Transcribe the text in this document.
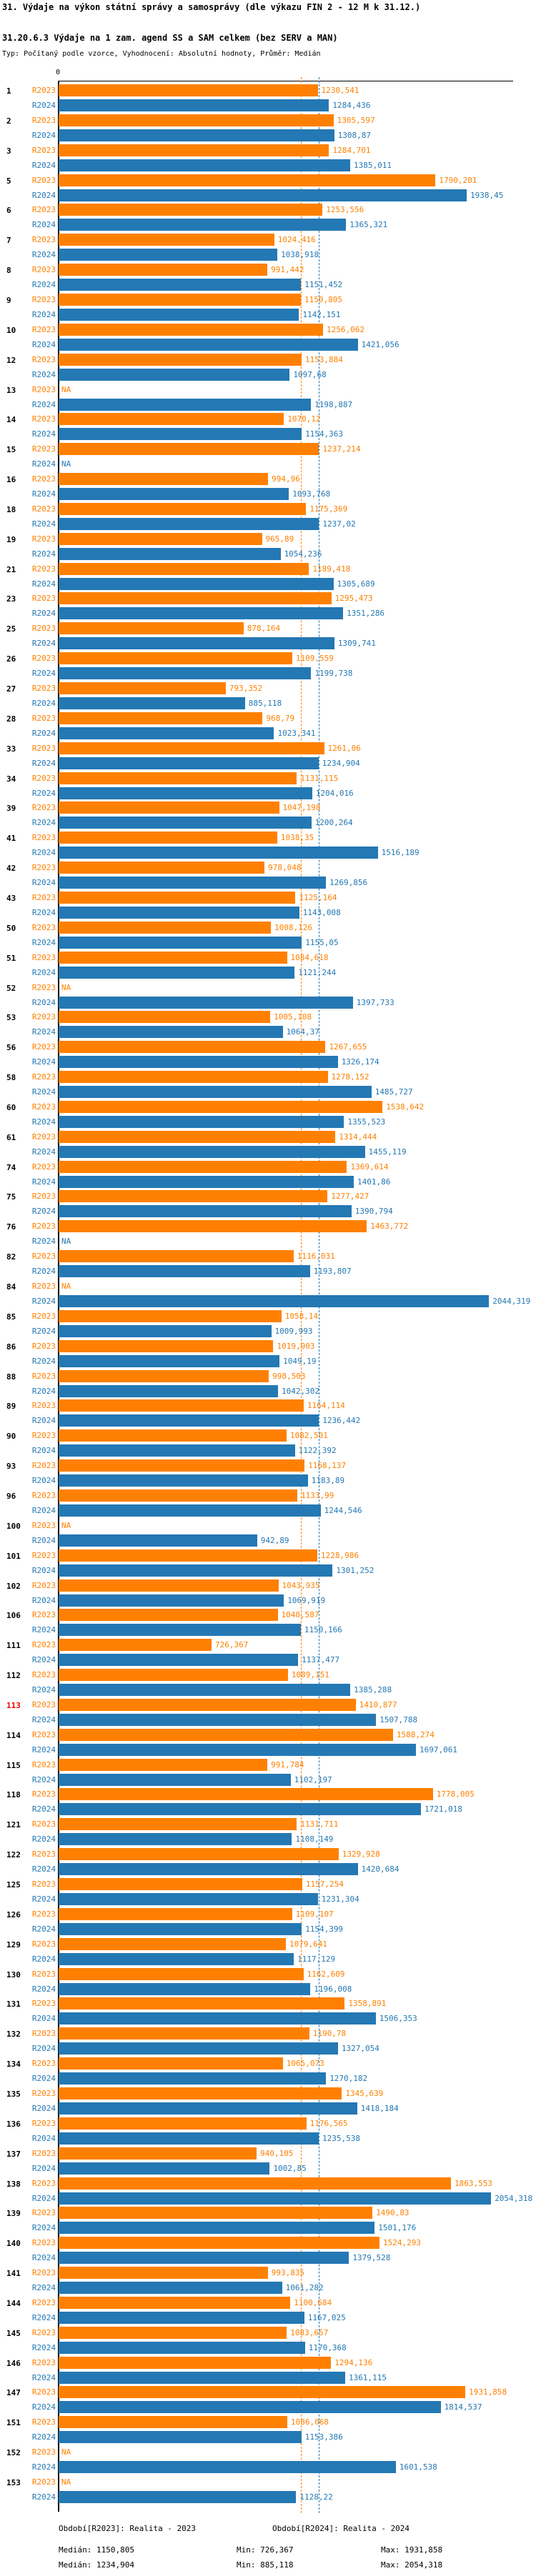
31. Výdaje na výkon státní správy a samosprávy (dle výkazu FIN 2 - 12 M k 31.12.)
31.20.6.3 Výdaje na 1 zam. agend SS a SAM celkem (bez SERV a MAN)
Typ: Počítaný podle vzorce, Vyhodnocení: Absolutní hodnoty, Průměr: Medián
0
1	R2023	1230,541
R2024	1284,436
2	R2023	1305,597
R2024	1308,87
3	R2023	1284,701
R2024	1385,011
5	R2023	1790,201
R2024	1938,45
6	R2023	1253,556
R2024	1365,321
7	R2023	1024,416
R2024	1038,918
8	R2023	991,442
R2024	1151,452
9	R2023	1150,805
R2024	1142,151
10	R2023	1256,062
R2024	1421,056
12	R2023	1153,884
R2024	1097,68
13	R2023 NA
R2024	1198,887
14	R2023	1070,12
R2024	1154,363
15	R2023	1237,214
R2024 NA
16	R2023	994,96
R2024	1093,768
18	R2023	1175,369
R2024	1237,02
19	R2023	965,89
R2024	1054,236
21	R2023	1189,418
R2024	1305,689
23	R2023	1295,473
R2024	1351,286
25	R2023	878,164
R2024	1309,741
26	R2023	1109,559
R2024	1199,738
27	R2023	793,352
R2024	885,118
28	R2023	968,79
R2024	1023,341
33	R2023	1261,06
R2024	1234,904
34	R2023	1131,115
R2024	1204,016
39	R2023	1047,198
R2024	1200,264
41	R2023	1038,35
R2024	1516,189
42	R2023	978,048
R2024	1269,856
43	R2023	1125,164
R2024	1143,008
50	R2023	1008,126
R2024	1155,05
51	R2023	1084,618
R2024	1121,244
52	R2023 NA
R2024	1397,733
53	R2023	1005,108
R2024	1064,37
56	R2023	1267,655
R2024	1326,174
58	R2023	1278,152
R2024	1485,727
60	R2023	1538,642
R2024	1355,523
61	R2023	1314,444
R2024	1455,119
74	R2023	1369,614
R2024	1401,86
75	R2023	1277,427
R2024	1390,794
76	R2023	1463,772
R2024 NA
82	R2023	1116,031
R2024	1193,807
84	R2023 NA
R2024	2044,319
85	R2023	1058,14
R2024	1009,993
86	R2023	1019,903
R2024	1049,19
88	R2023	998,503
R2024	1042,302
89	R2023	1164,114
R2024	1236,442
90	R2023	1082,501
R2024	1122,392
93	R2023	1168,137
R2024	1183,89
96	R2023	1133,99
R2024	1244,546
100	R2023 NA
R2024	942,89
101	R2023	1228,986
R2024	1301,252
102	R2023	1043,935
R2024	1069,919
106	R2023	1040,587
R2024	1150,166
111	R2023	726,367
R2024	1137,477
112	R2023	1089,151
R2024	1385,288
113	R2023	1410,877
R2024	1507,788
114	R2023	1588,274
R2024	1697,061
115	R2023	991,784
R2024	1102,197
118	R2023	1778,005
R2024	1721,018
121	R2023	1131,711
R2024	1108,149
122	R2023	1329,928
R2024	1420,684
125	R2023	1157,254
R2024	1231,304
126	R2023	1109,107
R2024	1154,399
129	R2023	1079,641
R2024	1117,129
130	R2023	1162,609
R2024	1196,008
131	R2023	1358,891
R2024	1506,353
132	R2023	1190,78
R2024	1327,054
134	R2023	1065,073
R2024	1270,182
135	R2023	1345,639
R2024	1418,184
136	R2023	1176,565
R2024	1235,538
137	R2023	940,105
R2024	1002,85
138	R2023	1863,553
R2024	2054,318
139	R2023	1490,83
R2024	1501,176
140	R2023	1524,293
R2024	1379,528
141	R2023	993,835
R2024	1061,282
144	R2023	1100,684
R2024	1167,025
145	R2023	1083,657
R2024	1170,368
146	R2023	1294,136
R2024	1361,115
147	R2023	1931,858
R2024	1814,537
151	R2023	1086,068
R2024	1153,386
152	R2023 NA
R2024	1601,538
153	R2023 NA
R2024	1128,22
Období[R2023]: Realita - 2023	Období[R2024]: Realita - 2024
Medián: 1150,805	Min: 726,367	Max: 1931,858
Medián: 1234,904	Min: 885,118	Max: 2054,318
